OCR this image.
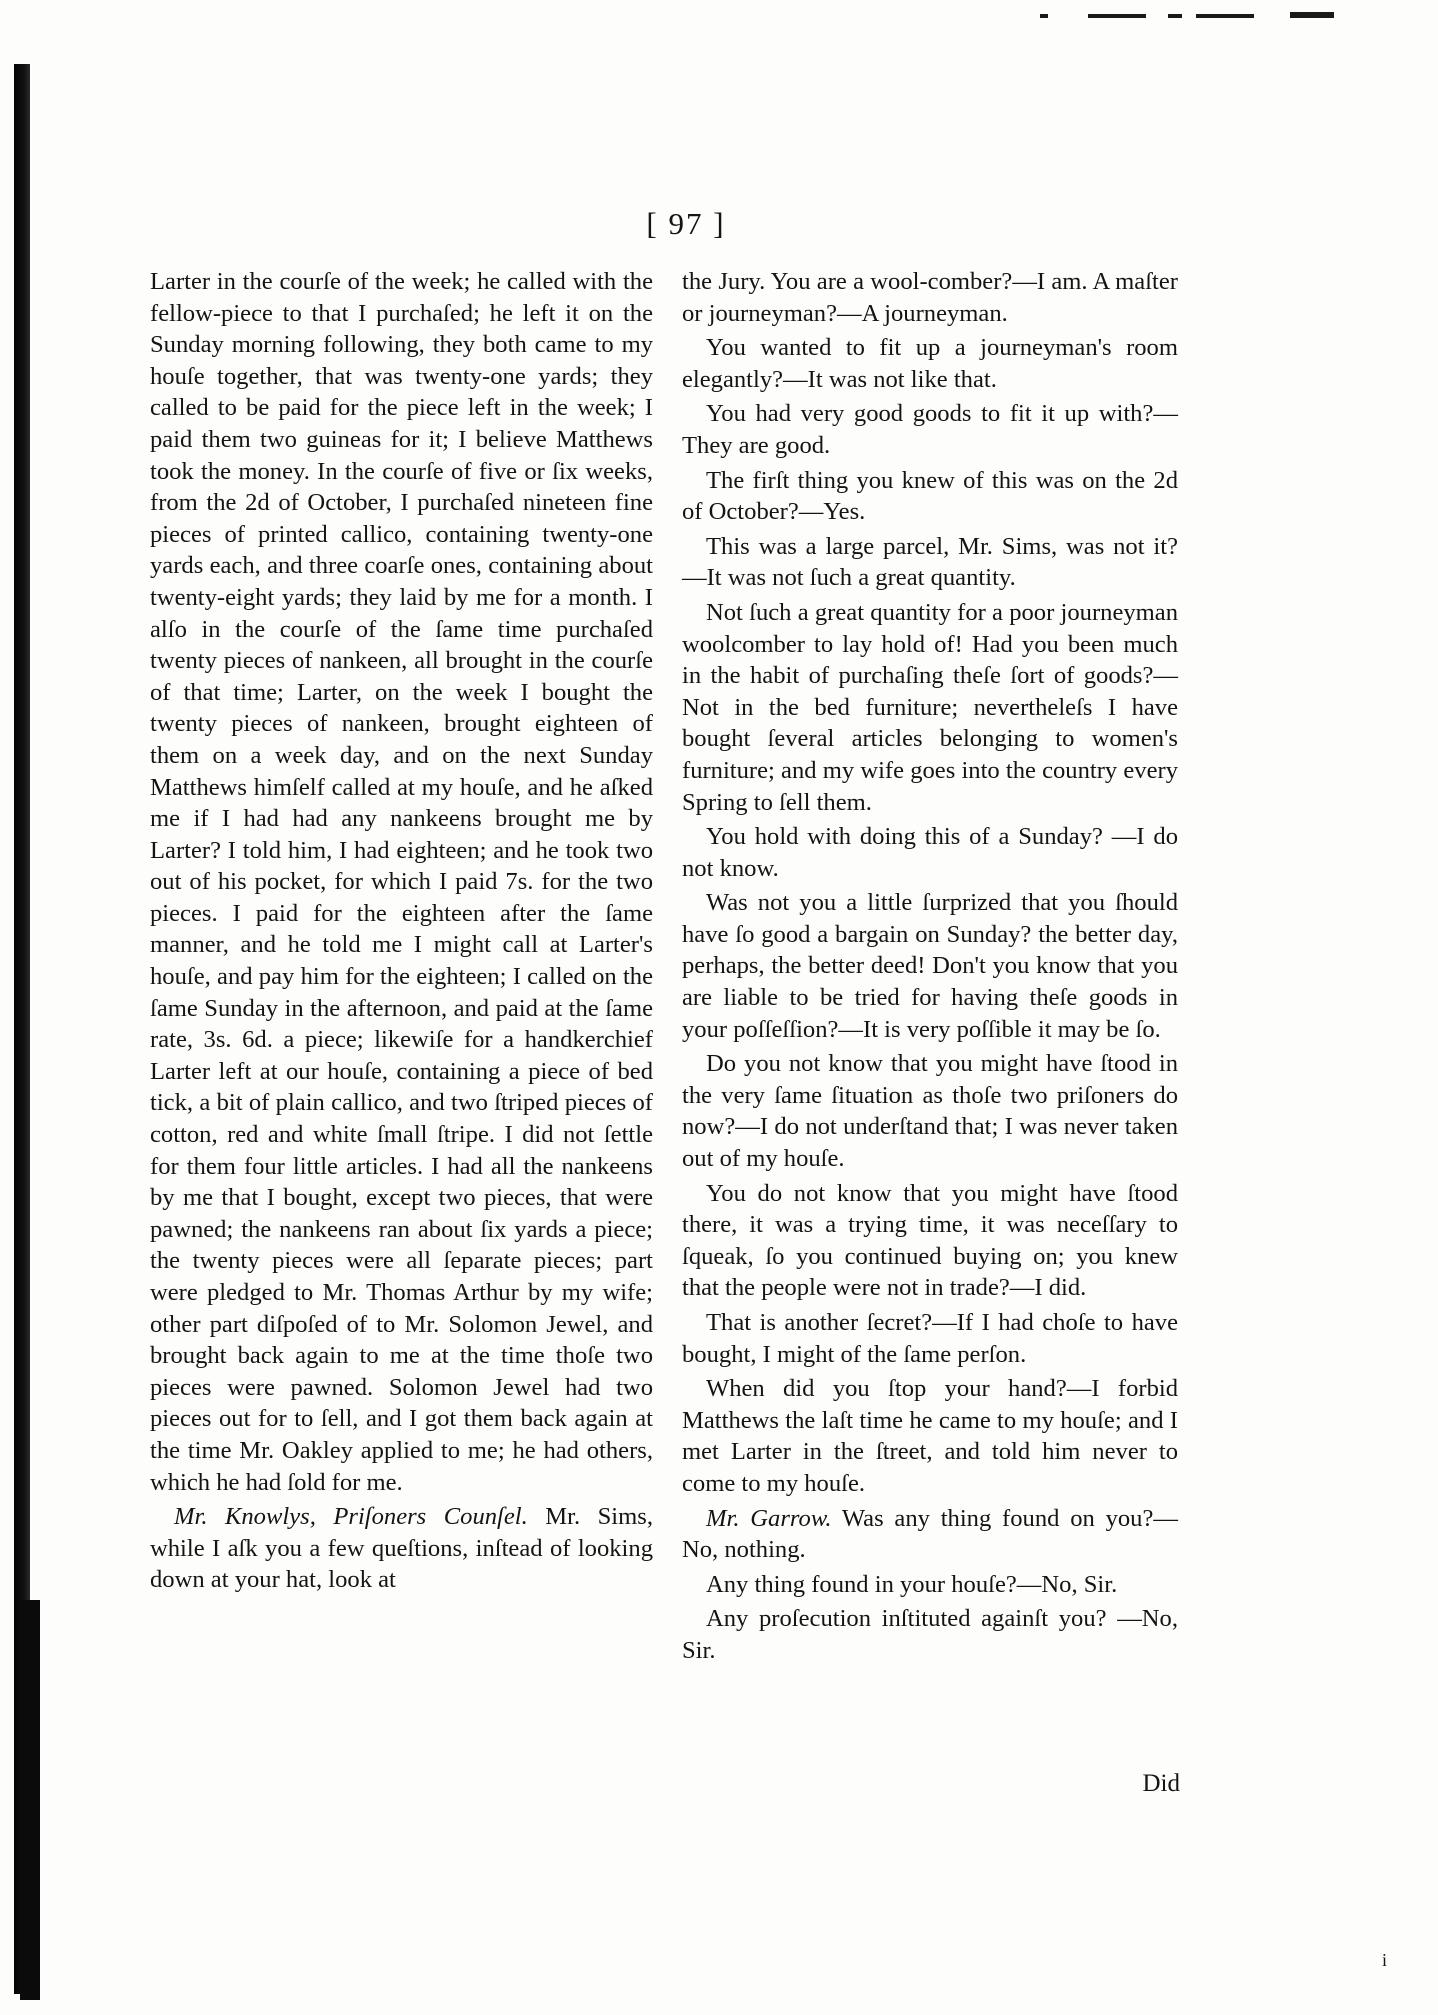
[ 97 ]

Larter in the courſe of the week; he called with the fellow-piece to that I purchaſed; he left it on the Sunday morning following, they both came to my houſe together, that was twenty-one yards; they called to be paid for the piece left in the week; I paid them two guineas for it; I believe Matthews took the money. In the courſe of five or ſix weeks, from the 2d of October, I purchaſed nineteen fine pieces of printed callico, containing twenty-one yards each, and three coarſe ones, containing about twenty-eight yards; they laid by me for a month. I alſo in the courſe of the ſame time purchaſed twenty pieces of nankeen, all brought in the courſe of that time; Larter, on the week I bought the twenty pieces of nankeen, brought eighteen of them on a week day, and on the next Sunday Matthews himſelf called at my houſe, and he aſked me if I had had any nankeens brought me by Larter? I told him, I had eighteen; and he took two out of his pocket, for which I paid 7s. for the two pieces. I paid for the eighteen after the ſame manner, and he told me I might call at Larter's houſe, and pay him for the eighteen; I called on the ſame Sunday in the afternoon, and paid at the ſame rate, 3s. 6d. a piece; likewiſe for a handkerchief Larter left at our houſe, containing a piece of bed tick, a bit of plain callico, and two ſtriped pieces of cotton, red and white ſmall ſtripe. I did not ſettle for them four little articles. I had all the nankeens by me that I bought, except two pieces, that were pawned; the nankeens ran about ſix yards a piece; the twenty pieces were all ſeparate pieces; part were pledged to Mr. Thomas Arthur by my wife; other part diſpoſed of to Mr. Solomon Jewel, and brought back again to me at the time thoſe two pieces were pawned. Solomon Jewel had two pieces out for to ſell, and I got them back again at the time Mr. Oakley applied to me; he had others, which he had ſold for me.

Mr. Knowlys, Priſoners Counſel. Mr. Sims, while I aſk you a few queſtions, inſtead of looking down at your hat, look at

the Jury. You are a wool-comber?—I am. A maſter or journeyman?—A journeyman.

You wanted to fit up a journeyman's room elegantly?—It was not like that.

You had very good goods to fit it up with?—They are good.

The firſt thing you knew of this was on the 2d of October?—Yes.

This was a large parcel, Mr. Sims, was not it?—It was not ſuch a great quantity.

Not ſuch a great quantity for a poor journeyman woolcomber to lay hold of! Had you been much in the habit of purchaſing theſe ſort of goods?—Not in the bed furniture; nevertheleſs I have bought ſeveral articles belonging to women's furniture; and my wife goes into the country every Spring to ſell them.

You hold with doing this of a Sunday? —I do not know.

Was not you a little ſurprized that you ſhould have ſo good a bargain on Sunday? the better day, perhaps, the better deed! Don't you know that you are liable to be tried for having theſe goods in your poſſeſſion?—It is very poſſible it may be ſo.

Do you not know that you might have ſtood in the very ſame ſituation as thoſe two priſoners do now?—I do not underſtand that; I was never taken out of my houſe.

You do not know that you might have ſtood there, it was a trying time, it was neceſſary to ſqueak, ſo you continued buying on; you knew that the people were not in trade?—I did.

That is another ſecret?—If I had choſe to have bought, I might of the ſame perſon.

When did you ſtop your hand?—I forbid Matthews the laſt time he came to my houſe; and I met Larter in the ſtreet, and told him never to come to my houſe.

Mr. Garrow. Was any thing found on you?—No, nothing.

Any thing found in your houſe?—No, Sir.

Any proſecution inſtituted againſt you? —No, Sir.

Did
i
